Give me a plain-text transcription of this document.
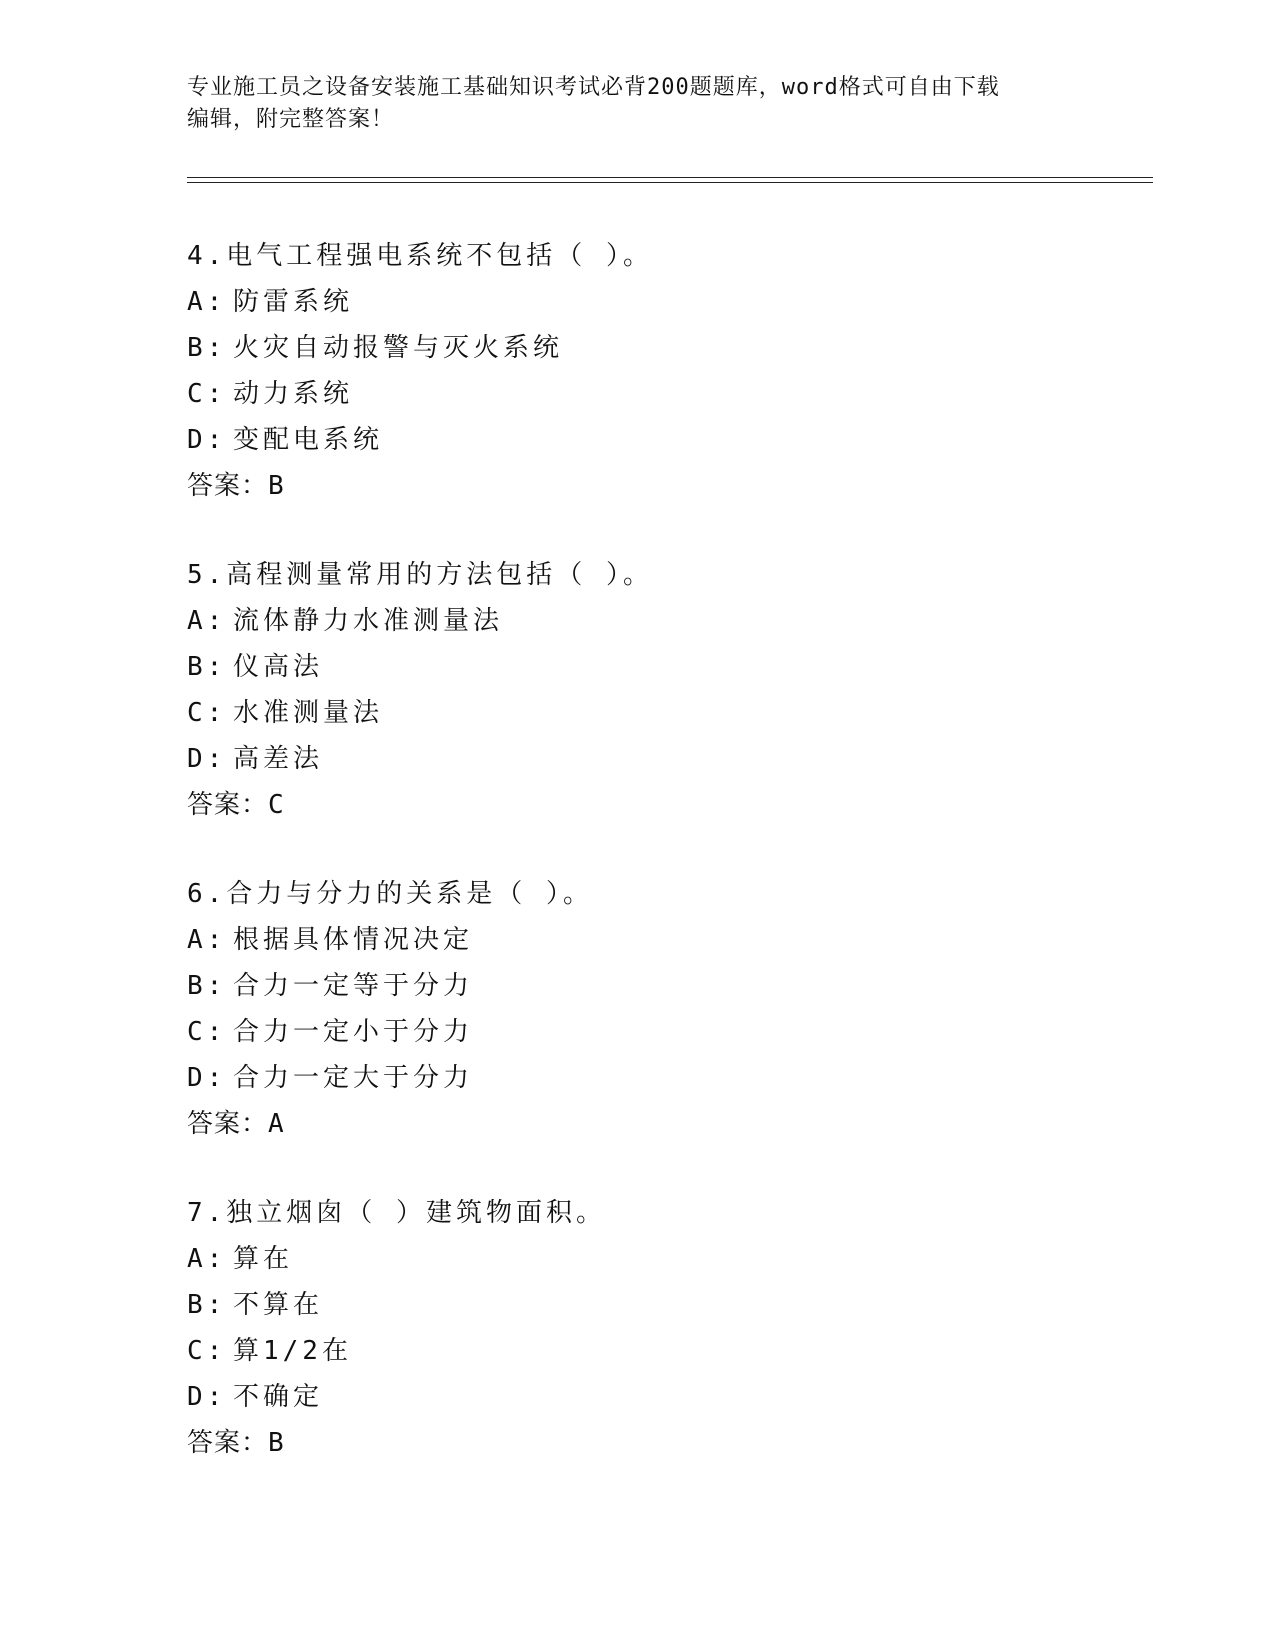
专业施工员之设备安装施工基础知识考试必背200题题库，word格式可自由下载
编辑，附完整答案！
4.电气工程强电系统不包括（ ）。
A: 防雷系统
B: 火灾自动报警与灭火系统
C: 动力系统
D: 变配电系统
答案：B
5.高程测量常用的方法包括（ ）。
A: 流体静力水准测量法
B: 仪高法
C: 水准测量法
D: 高差法
答案：C
6.合力与分力的关系是（ ）。
A: 根据具体情况决定
B: 合力一定等于分力
C: 合力一定小于分力
D: 合力一定大于分力
答案：A
7.独立烟囱（ ）建筑物面积。
A: 算在
B: 不算在
C: 算1/2在
D: 不确定
答案：B
